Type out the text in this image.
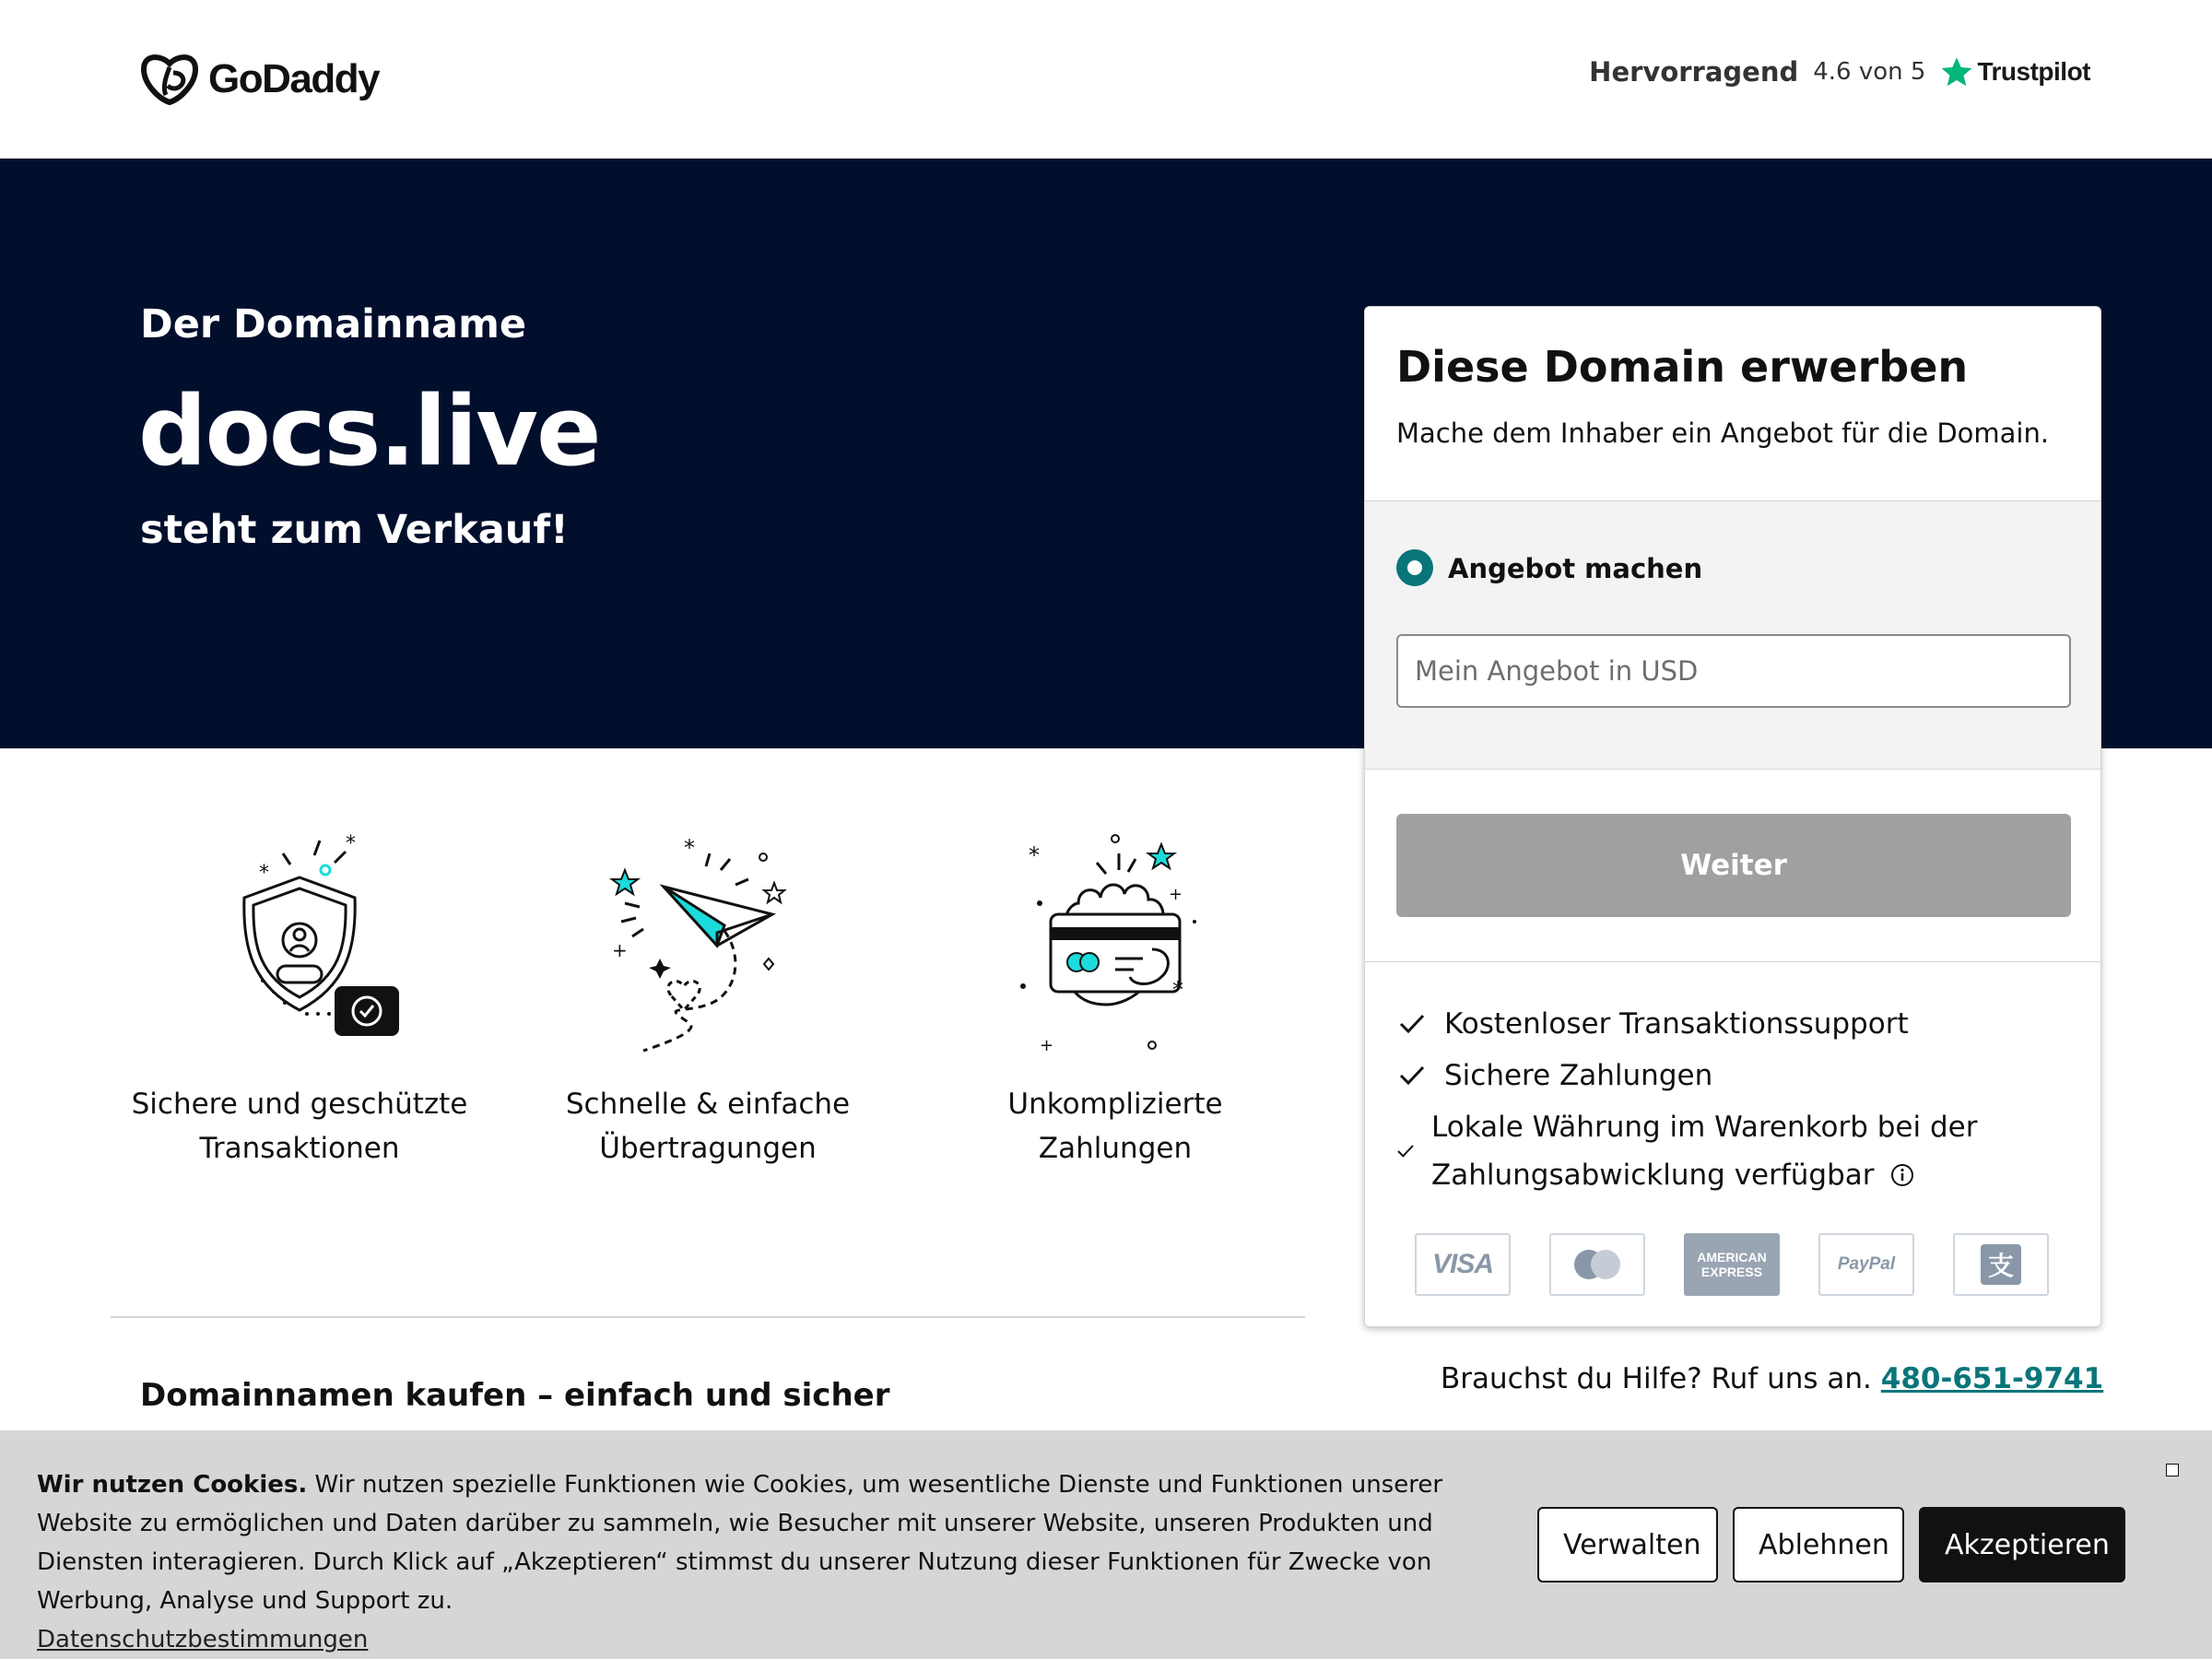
GoDaddy	Hervorragend 4.6 von 5 Trustpilot
Der Domainname
docs.live
steht zum Verkauf!
*
*
Sichere und geschützte
Transaktionen
*
+
Schnelle & einfache
Übertragungen
*
*
+
+
Unkomplizierte Zahlungen
Domainnamen kaufen – einfach und sicher
Diese Domain erwerben
Mache dem Inhaber ein Angebot für die Domain.
Angebot machen
Mein Angebot in USD
Weiter
Kostenloser Transaktionssupport
Sichere Zahlungen
Lokale Währung im Warenkorb bei der
Zahlungsabwicklung verfügbar
VISA	AMERICAN EXPRESS	PayPal	支
Brauchst du Hilfe? Ruf uns an. 480-651-9741
Wir nutzen Cookies. Wir nutzen spezielle Funktionen wie Cookies, um wesentliche Dienste und Funktionen unserer Website zu ermöglichen und Daten darüber zu sammeln, wie Besucher mit unserer Website, unseren Produkten und Diensten interagieren. Durch Klick auf „Akzeptieren“ stimmst du unserer Nutzung dieser Funktionen für Zwecke von Werbung, Analyse und Support zu.
Datenschutzbestimmungen
Verwalten	Ablehnen	Akzeptieren
